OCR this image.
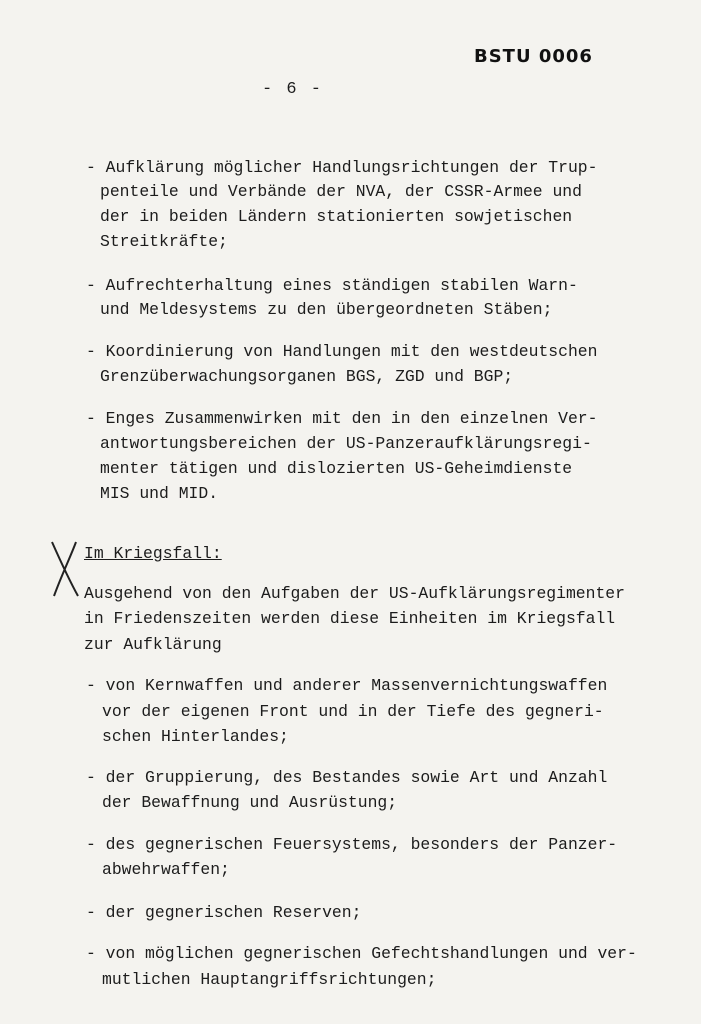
BSTU 0006
- 6 -
- Aufklärung möglicher Handlungsrichtungen der Trup-
penteile und Verbände der NVA, der CSSR-Armee und
der in beiden Ländern stationierten sowjetischen
Streitkräfte;
- Aufrechterhaltung eines ständigen stabilen Warn-
und Meldesystems zu den übergeordneten Stäben;
- Koordinierung von Handlungen mit den westdeutschen
Grenzüberwachungsorganen BGS, ZGD und BGP;
- Enges Zusammenwirken mit den in den einzelnen Ver-
antwortungsbereichen der US-Panzeraufklärungsregi-
menter tätigen und dislozierten US-Geheimdienste
MIS und MID.
Im Kriegsfall:
Ausgehend von den Aufgaben der US-Aufklärungsregimenter
in Friedenszeiten werden diese Einheiten im Kriegsfall
zur Aufklärung
- von Kernwaffen und anderer Massenvernichtungswaffen
vor der eigenen Front und in der Tiefe des gegneri-
schen Hinterlandes;
- der Gruppierung, des Bestandes sowie Art und Anzahl
der Bewaffnung und Ausrüstung;
- des gegnerischen Feuersystems, besonders der Panzer-
abwehrwaffen;
- der gegnerischen Reserven;
- von möglichen gegnerischen Gefechtshandlungen und ver-
mutlichen Hauptangriffsrichtungen;
